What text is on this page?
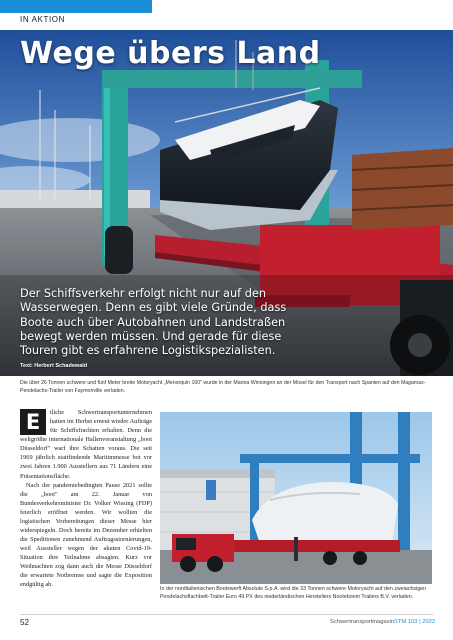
IN AKTION
Wege übers Land
Der Schiffsverkehr erfolgt nicht nur auf den Wasserwegen. Denn es gibt viele Gründe, dass Boote auch über Autobahnen und Landstraßen bewegt werden müssen. Und gerade für diese Touren gibt es erfahrene Logistikspezialisten.
Text: Herbert Schadewald
Die über 26 Tonnen schwere und fünf Meter breite Motoryacht „Menorquin 160" wurde in der Marina Winningen an der Mosel für den Transport nach Spanien auf den Magamax-Pendelachs-Trailer von Faymonville verladen.
E	tliche Schwertransportunternehmen hatten im Herbst erneut wieder Aufträge für Schiffsfrachten erhalten. Denn die weltgrößte internationale Hallenveranstaltung „boot Düsseldorf" warf ihre Schatten voraus. Die seit 1969 jährlich stattfindende Maritimmesse bot vor zwei Jahren 1.900 Ausstellern aus 71 Ländern eine Präsentationsfläche.

Nach der pandemiebedingten Pause 2021 sollte die „boot" am 22. Januar von Bundesverkehrsminister Dr. Volker Wissing (FDP) feierlich eröffnet werden. Wir wollten die logistischen Vorbereitungen dieser Messe hier widerspiegeln. Doch bereits im Dezember erhielten die Speditionen zunehmend Auftragsstornierungen, weil Aussteller wegen der akuten Covid-19-Situation ihre Teilnahme absagten. Kurz vor Weihnachten zog dann auch die Messe Düsseldorf die erwartete Notbremse und sagte die Exposition endgültig ab.

In der norditalienischen Bootswerft Absolute S.p.A. wird die 33 Tonnen schwere Motoryacht auf den zweiachsigen Pendelachsflachbett-Trailer Euro 49 PX des niederländischen Herstellers Nooteboom Trailers B.V. verladen.
52	Schwertransportmagazin STM 103 | 2022
